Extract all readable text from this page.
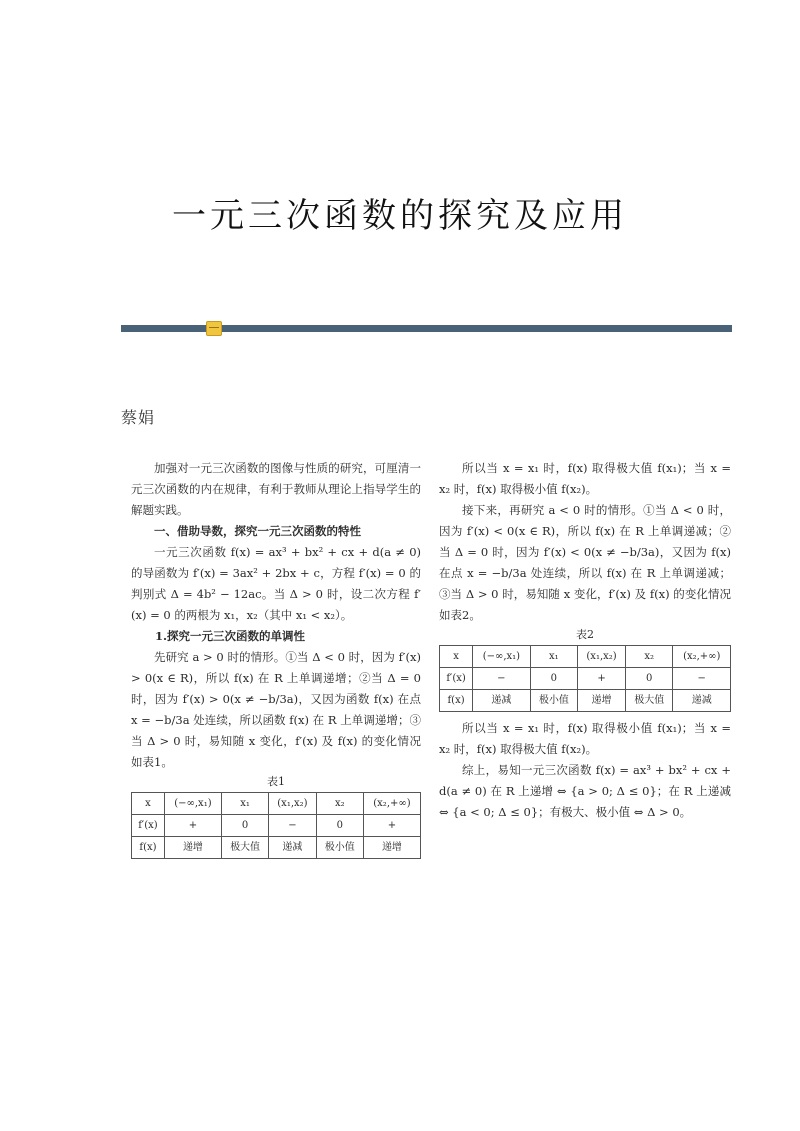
一元三次函数的探究及应用
蔡娟

加强对一元三次函数的图像与性质的研究，可厘清一元三次函数的内在规律，有利于教师从理论上指导学生的解题实践。

一、借助导数，探究一元三次函数的特性

一元三次函数 f(x) = ax³ + bx² + cx + d(a ≠ 0) 的导函数为 f′(x) = 3ax² + 2bx + c，方程 f′(x) = 0 的判别式 Δ = 4b² − 12ac。当 Δ > 0 时，设二次方程 f′(x) = 0 的两根为 x₁，x₂（其中 x₁ < x₂）。

1.探究一元三次函数的单调性

先研究 a > 0 时的情形。①当 Δ < 0 时，因为 f′(x) > 0(x ∈ R)，所以 f(x) 在 R 上单调递增；②当 Δ = 0 时，因为 f′(x) > 0(x ≠ −b/3a)，又因为函数 f(x) 在点 x = −b/3a 处连续，所以函数 f(x) 在 R 上单调递增；③当 Δ > 0 时，易知随 x 变化，f′(x) 及 f(x) 的变化情况如表1。

表1
x	(−∞,x₁)	x₁	(x₁,x₂)	x₂	(x₂,+∞)
f′(x)	+	0	−	0	+
f(x)	递增	极大值	递减	极小值	递增

所以当 x = x₁ 时，f(x) 取得极大值 f(x₁)；当 x = x₂ 时，f(x) 取得极小值 f(x₂)。

接下来，再研究 a < 0 时的情形。①当 Δ < 0 时，因为 f′(x) < 0(x ∈ R)，所以 f(x) 在 R 上单调递减；②当 Δ = 0 时，因为 f′(x) < 0(x ≠ −b/3a)，又因为 f(x) 在点 x = −b/3a 处连续，所以 f(x) 在 R 上单调递减；③当 Δ > 0 时，易知随 x 变化，f′(x) 及 f(x) 的变化情况如表2。

表2
x	(−∞,x₁)	x₁	(x₁,x₂)	x₂	(x₂,+∞)
f′(x)	−	0	+	0	−
f(x)	递减	极小值	递增	极大值	递减

所以当 x = x₁ 时，f(x) 取得极小值 f(x₁)；当 x = x₂ 时，f(x) 取得极大值 f(x₂)。

综上，易知一元三次函数 f(x) = ax³ + bx² + cx + d(a ≠ 0) 在 R 上递增 ⇔ {a > 0; Δ ≤ 0}；在 R 上递减 ⇔ {a < 0; Δ ≤ 0}；有极大、极小值 ⇔ Δ > 0。
